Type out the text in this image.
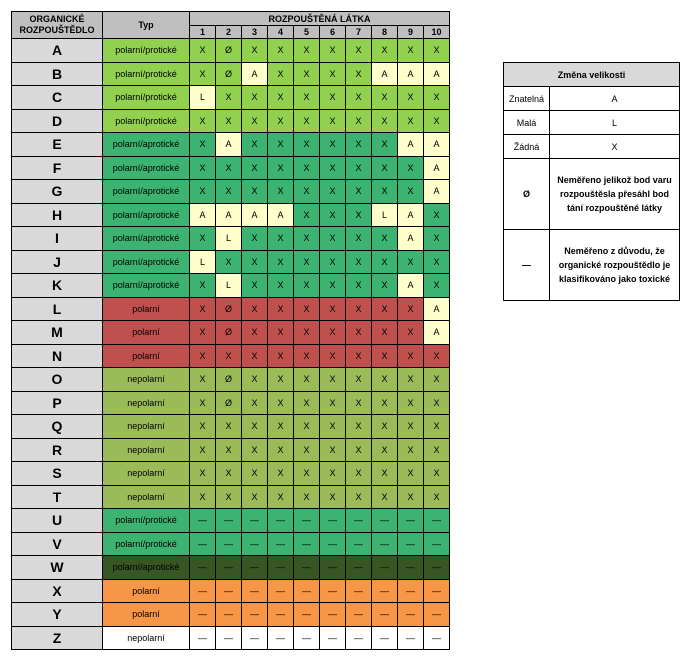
ORGANICKÉ ROZPOUŠTĚDLO	Typ	ROZPOUŠTĚNÁ LÁTKA									
		1	2	3	4	5	6	7	8	9	10
A	polarní/protické	X	Ø	X	X	X	X	X	X	X	X
B	polarní/protické	X	Ø	A	X	X	X	X	A	A	A
C	polarní/protické	L	X	X	X	X	X	X	X	X	X
D	polarní/protické	X	X	X	X	X	X	X	X	X	X
E	polarní/aprotické	X	A	X	X	X	X	X	X	A	A
F	polarní/aprotické	X	X	X	X	X	X	X	X	X	A
G	polarní/aprotické	X	X	X	X	X	X	X	X	X	A
H	polarní/aprotické	A	A	A	A	X	X	X	L	A	X
I	polarní/aprotické	X	L	X	X	X	X	X	X	A	X
J	polarní/aprotické	L	X	X	X	X	X	X	X	X	X
K	polarní/aprotické	X	L	X	X	X	X	X	X	A	X
L	polarní	X	Ø	X	X	X	X	X	X	X	A
M	polarní	X	Ø	X	X	X	X	X	X	X	A
N	polarní	X	X	X	X	X	X	X	X	X	X
O	nepolarní	X	Ø	X	X	X	X	X	X	X	X
P	nepolarní	X	Ø	X	X	X	X	X	X	X	X
Q	nepolarní	X	X	X	X	X	X	X	X	X	X
R	nepolarní	X	X	X	X	X	X	X	X	X	X
S	nepolarní	X	X	X	X	X	X	X	X	X	X
T	nepolarní	X	X	X	X	X	X	X	X	X	X
U	polarní/protické	—	—	—	—	—	—	—	—	—	—
V	polarní/protické	—	—	—	—	—	—	—	—	—	—
W	polarní/aprotické	—	—	—	—	—	—	—	—	—	—
X	polarní	—	—	—	—	—	—	—	—	—	—
Y	polarní	—	—	—	—	—	—	—	—	—	—
Z	nepolarní	—	—	—	—	—	—	—	—	—	—
Změna velikosti	
Znatelná	A
Malá	L
Žádná	X
Ø	Neměřeno jelikož bod varu rozpouštěsla přesáhl bod tání rozpouštěné látky
—	Neměřeno z důvodu, že organické rozpouštědlo je klasifikováno jako toxické
